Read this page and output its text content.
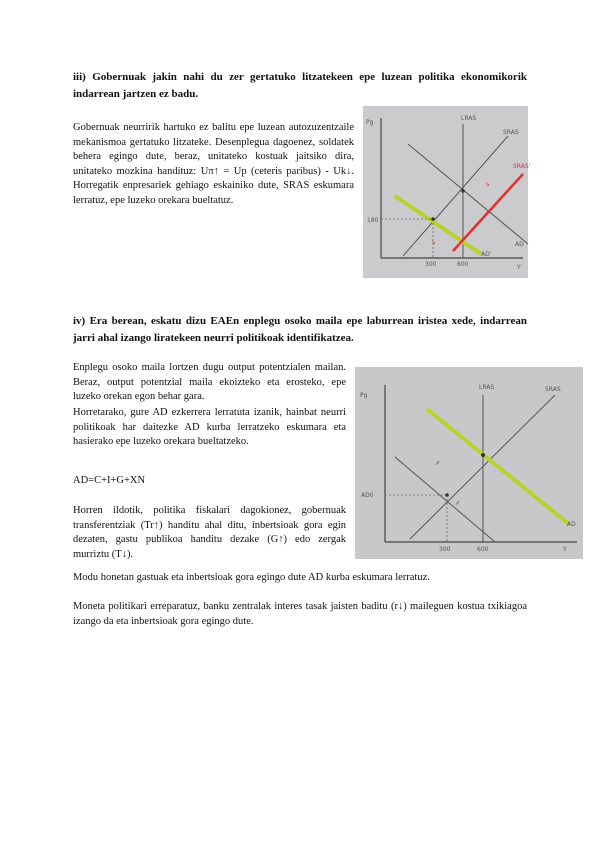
iii) Gobernuak jakin nahi du zer gertatuko litzatekeen epe luzean politika ekonomikorik indarrean jartzen ez badu.
Gobernuak neurririk hartuko ez balitu epe luzean autozuzentzaile mekanismoa gertatuko litzateke. Desenplegua dagoenez, soldatek behera egingo dute, beraz, unitateko kostuak jaitsiko dira, unitateko mozkina handituz: Uπ↑ = Up (ceteris paribus) - Uk↓. Horregatik enpresariek gehiago eskainiko dute, SRAS eskumara lerratuz, epe luzeko orekara bueltatuz.
Pg
Y
LRAS
SRAS
AD
AD'
SRAS'
⇘
⇘
180
300	600
iv) Era berean, eskatu dizu EAEn enplegu osoko maila epe laburrean iristea xede, indarrean jarri ahal izango liratekeen neurri politikoak identifikatzea.
Enplegu osoko maila lortzen dugu output potentzialen mailan. Beraz, output potentzial maila ekoizteko eta erosteko, epe luzeko orekan egon behar gara.
Horretarako, gure AD ezkerrera lerratuta izanik, hainbat neurri politikoak har daitezke AD kurba lerratzeko eskumara eta hasierako epe luzeko orekara bueltatzeko.
AD=C+I+G+XN
Horren ildotik, politika fiskalari dagokionez, gobernuak transferentziak (Tr↑) handitu ahal ditu, inbertsioak gora egin dezaten, gastu publikoa handitu dezake (G↑) edo zergak murriztu (T↓).
Modu honetan gastuak eta inbertsioak gora egingo dute AD kurba eskumara lerratuz.
Moneta politikari erreparatuz, banku zentralak interes tasak jaisten baditu (r↓) maileguen kostua txikiagoa izango da eta inbertsioak gora egingo dute.
Pg
Y
LRAS	SRAS
AD0
AD
⇗
⇗
300	600
